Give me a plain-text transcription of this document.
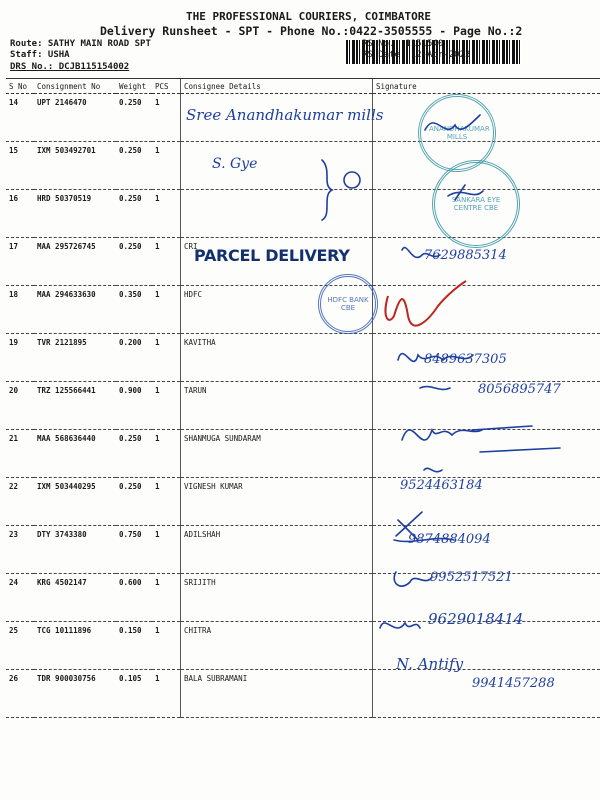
THE PROFESSIONAL COURIERS, COIMBATORE
Delivery Runsheet - SPT - Phone No.:0422-3505555 - Page No.:2
Route: SATHY MAIN ROAD SPT
Staff: USHA
DRS No.: DCJB115154002
RS No.: 1151540
RS Date: 12-Apr-2023
S No	Consignment No	Weight	PCS	Consignee Details	Signature
14	UPT 2146470	0.250	1		
15	IXM 503492701	0.250	1		
16	HRD 50370519	0.250	1		
17	MAA 295726745	0.250	1	CRI	
18	MAA 294633630	0.350	1	HDFC	
19	TVR 2121895	0.200	1	KAVITHA	
20	TRZ 125566441	0.900	1	TARUN	
21	MAA 568636440	0.250	1	SHANMUGA SUNDARAM	
22	IXM 503440295	0.250	1	VIGNESH KUMAR	
23	DTY 3743380	0.750	1	ADILSHAH	
24	KRG 4502147	0.600	1	SRIJITH	
25	TCG 10111896	0.150	1	CHITRA	
26	TDR 900030756	0.105	1	BALA SUBRAMANI	
ANANDHAKUMAR MILLS
SANKARA EYE CENTRE CBE
HDFC BANK CBE
PARCEL DELIVERY
Sree Anandhakumar mills
S. Gye
7629885314
8489637305
8056895747
9524463184
9874884094
9952517521
9629018414
N. Antify
9941457288
